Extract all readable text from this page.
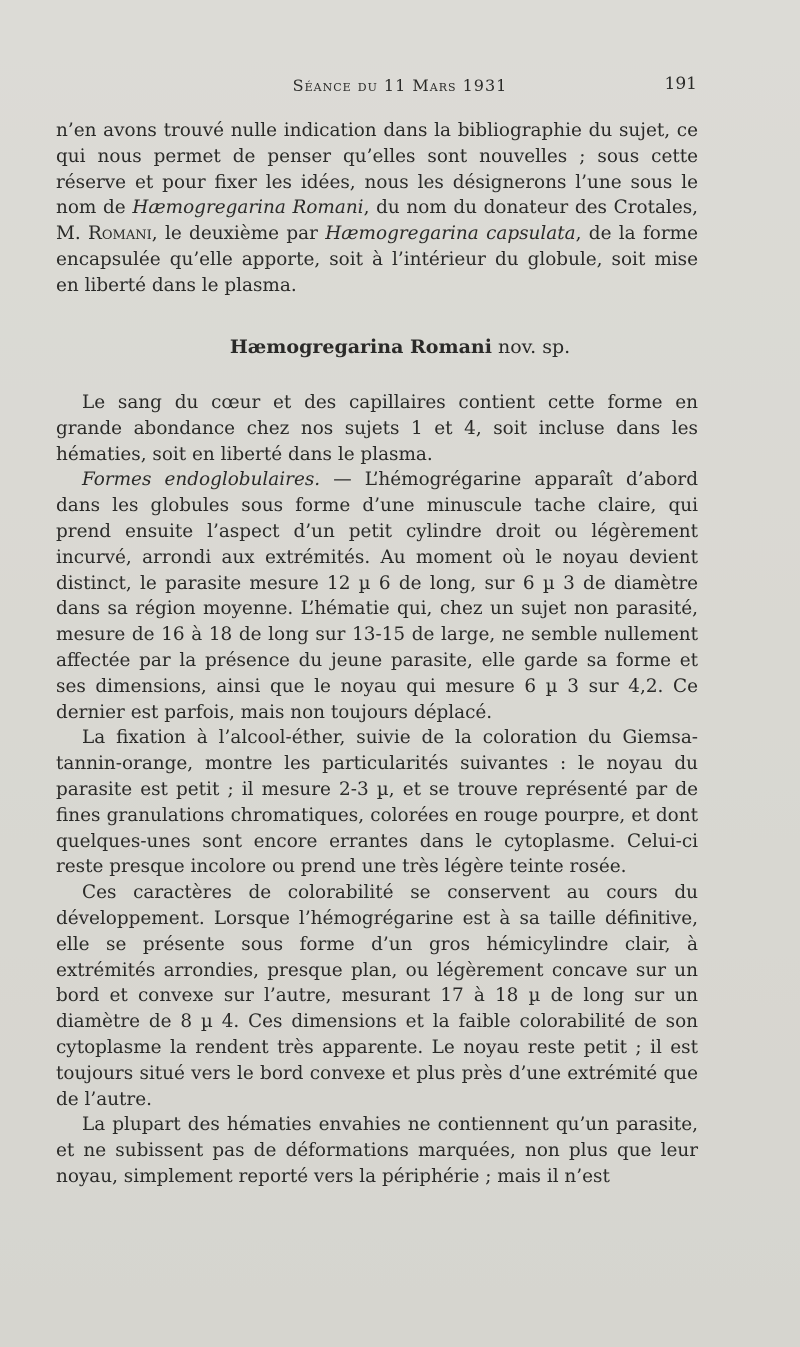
Séance du 11 Mars 1931	191

n’en avons trouvé nulle indication dans la bibliographie du sujet, ce qui nous permet de penser qu’elles sont nouvelles ; sous cette réserve et pour fixer les idées, nous les désignerons l’une sous le nom de Hæmogregarina Romani, du nom du donateur des Crotales, M. Romani, le deuxième par Hæmogregarina capsulata, de la forme encapsulée qu’elle apporte, soit à l’intérieur du globule, soit mise en liberté dans le plasma.

Hæmogregarina Romani nov. sp.

Le sang du cœur et des capillaires contient cette forme en grande abondance chez nos sujets 1 et 4, soit incluse dans les hématies, soit en liberté dans le plasma.

Formes endoglobulaires. — L’hémogrégarine apparaît d’abord dans les globules sous forme d’une minuscule tache claire, qui prend ensuite l’aspect d’un petit cylindre droit ou légèrement incurvé, arrondi aux extrémités. Au moment où le noyau devient distinct, le parasite mesure 12 µ 6 de long, sur 6 µ 3 de diamètre dans sa région moyenne. L’hématie qui, chez un sujet non parasité, mesure de 16 à 18 de long sur 13-15 de large, ne semble nullement affectée par la présence du jeune parasite, elle garde sa forme et ses dimensions, ainsi que le noyau qui mesure 6 µ 3 sur 4,2. Ce dernier est parfois, mais non toujours déplacé.

La fixation à l’alcool-éther, suivie de la coloration du Giemsa-tannin-orange, montre les particularités suivantes : le noyau du parasite est petit ; il mesure 2-3 µ, et se trouve représenté par de fines granulations chromatiques, colorées en rouge pourpre, et dont quelques-unes sont encore errantes dans le cytoplasme. Celui-ci reste presque incolore ou prend une très légère teinte rosée.

Ces caractères de colorabilité se conservent au cours du développement. Lorsque l’hémogrégarine est à sa taille définitive, elle se présente sous forme d’un gros hémicylindre clair, à extrémités arrondies, presque plan, ou légèrement concave sur un bord et convexe sur l’autre, mesurant 17 à 18 µ de long sur un diamètre de 8 µ 4. Ces dimensions et la faible colorabilité de son cytoplasme la rendent très apparente. Le noyau reste petit ; il est toujours situé vers le bord convexe et plus près d’une extrémité que de l’autre.

La plupart des hématies envahies ne contiennent qu’un parasite, et ne subissent pas de déformations marquées, non plus que leur noyau, simplement reporté vers la périphérie ; mais il n’est
